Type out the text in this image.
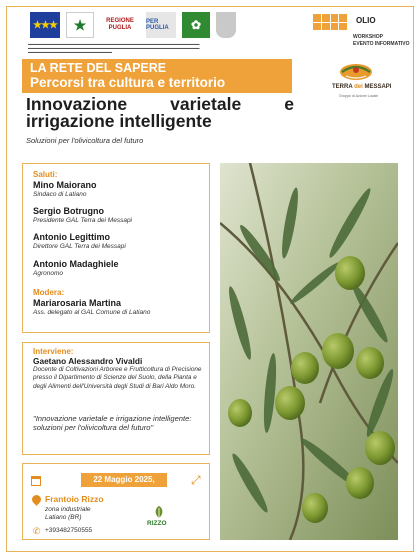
★★★	★	REGIONE
PUGLIA
PER PUGLIA	✿
▬▬▬▬▬▬▬▬▬▬▬▬▬▬▬▬▬▬▬▬▬▬▬▬▬▬▬▬▬▬▬▬▬▬▬▬▬▬▬▬▬▬▬▬▬▬▬▬▬
▬▬▬▬▬▬▬▬▬▬▬▬▬▬▬▬▬▬▬▬▬▬▬▬▬▬▬▬▬▬▬▬▬▬▬▬▬▬▬▬▬▬▬▬▬▬▬▬▬
▬▬▬▬▬▬▬▬▬▬▬▬▬▬▬▬▬▬▬▬▬▬▬▬
OLIO
WORKSHOP
EVENTO INFORMATIVO
TERRA dei MESSAPI
Gruppo di Azione Locale
LA RETE DEL SAPERE
Percorsi tra cultura e territorio
Innovazione varietale e
irrigazione intelligente
Soluzioni per l'olivicoltura del futuro
Saluti:
Mino Maiorano
Sindaco di Latiano
Sergio Botrugno
Presidente GAL Terra dei Messapi
Antonio Legittimo
Direttore GAL Terra dei Messapi
Antonio Madaghiele
Agronomo
Modera:
Mariarosaria Martina
Ass. delegato al GAL Comune di Latiano
Interviene:
Gaetano Alessandro Vivaldi
Docente di Coltivazioni Arboree e Frutticoltura di Precisione presso il Dipartimento di Scienze del Suolo, della Pianta e degli Alimenti dell'Università degli Studi di Bari Aldo Moro.
"Innovazione varietale e irrigazione intelligente: soluzioni per l'olivicoltura del futuro"
22 Maggio 2025, h16.30
⤢
Frantoio Rizzo
zona industriale
Latiano (BR)
✆ +393482750555
RIZZO
